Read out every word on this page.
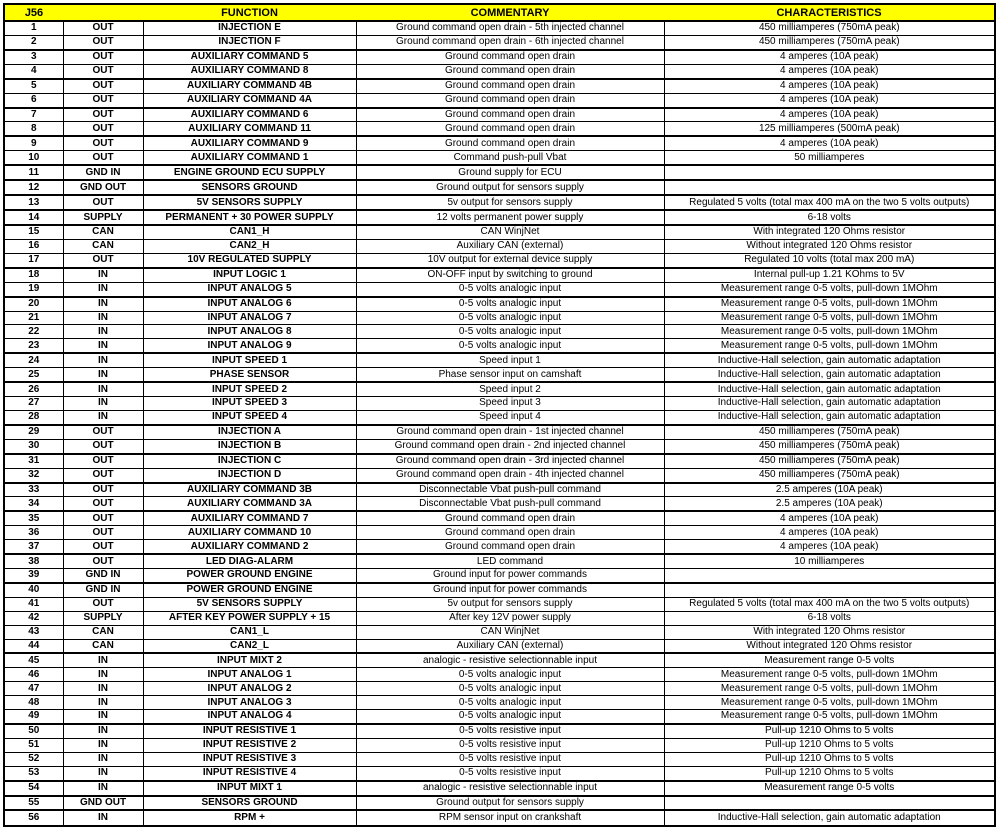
J56		FUNCTION	COMMENTARY	CHARACTERISTICS
1	OUT	INJECTION E	Ground command open drain - 5th injected channel	450 milliamperes (750mA peak)
2	OUT	INJECTION F	Ground command open drain - 6th injected channel	450 milliamperes (750mA peak)
3	OUT	AUXILIARY COMMAND 5	Ground command open drain	4 amperes (10A peak)
4	OUT	AUXILIARY COMMAND 8	Ground command open drain	4 amperes (10A peak)
5	OUT	AUXILIARY COMMAND 4B	Ground command open drain	4 amperes (10A peak)
6	OUT	AUXILIARY COMMAND 4A	Ground command open drain	4 amperes (10A peak)
7	OUT	AUXILIARY COMMAND 6	Ground command open drain	4 amperes (10A peak)
8	OUT	AUXILIARY COMMAND 11	Ground command open drain	125 milliamperes (500mA peak)
9	OUT	AUXILIARY COMMAND 9	Ground command open drain	4 amperes (10A peak)
10	OUT	AUXILIARY COMMAND 1	Command push-pull Vbat	50 milliamperes
11	GND IN	ENGINE GROUND ECU SUPPLY	Ground supply for ECU	
12	GND OUT	SENSORS GROUND	Ground output for sensors supply	
13	OUT	5V SENSORS SUPPLY	5v output for sensors supply	Regulated 5 volts (total max 400 mA on the two 5 volts outputs)
14	SUPPLY	PERMANENT + 30 POWER SUPPLY	12 volts permanent power supply	6-18 volts
15	CAN	CAN1_H	CAN WinjNet	With integrated 120 Ohms resistor
16	CAN	CAN2_H	Auxiliary CAN (external)	Without integrated 120 Ohms resistor
17	OUT	10V REGULATED SUPPLY	10V output for external device supply	Regulated 10 volts (total max 200 mA)
18	IN	INPUT LOGIC 1	ON-OFF input by switching to ground	Internal pull-up 1.21 KOhms to 5V
19	IN	INPUT ANALOG 5	0-5 volts analogic input	Measurement range 0-5 volts, pull-down 1MOhm
20	IN	INPUT ANALOG 6	0-5 volts analogic input	Measurement range 0-5 volts, pull-down 1MOhm
21	IN	INPUT ANALOG 7	0-5 volts analogic input	Measurement range 0-5 volts, pull-down 1MOhm
22	IN	INPUT ANALOG 8	0-5 volts analogic input	Measurement range 0-5 volts, pull-down 1MOhm
23	IN	INPUT ANALOG 9	0-5 volts analogic input	Measurement range 0-5 volts, pull-down 1MOhm
24	IN	INPUT SPEED 1	Speed input 1	Inductive-Hall selection, gain automatic adaptation
25	IN	PHASE SENSOR	Phase sensor input on camshaft	Inductive-Hall selection, gain automatic adaptation
26	IN	INPUT SPEED 2	Speed input 2	Inductive-Hall selection, gain automatic adaptation
27	IN	INPUT SPEED 3	Speed input 3	Inductive-Hall selection, gain automatic adaptation
28	IN	INPUT SPEED 4	Speed input 4	Inductive-Hall selection, gain automatic adaptation
29	OUT	INJECTION A	Ground command open drain - 1st injected channel	450 milliamperes (750mA peak)
30	OUT	INJECTION B	Ground command open drain - 2nd injected channel	450 milliamperes (750mA peak)
31	OUT	INJECTION C	Ground command open drain - 3rd injected channel	450 milliamperes (750mA peak)
32	OUT	INJECTION D	Ground command open drain - 4th injected channel	450 milliamperes (750mA peak)
33	OUT	AUXILIARY COMMAND 3B	Disconnectable Vbat push-pull command	2.5 amperes (10A peak)
34	OUT	AUXILIARY COMMAND 3A	Disconnectable Vbat push-pull command	2.5 amperes (10A peak)
35	OUT	AUXILIARY COMMAND 7	Ground command open drain	4 amperes (10A peak)
36	OUT	AUXILIARY COMMAND 10	Ground command open drain	4 amperes (10A peak)
37	OUT	AUXILIARY COMMAND 2	Ground command open drain	4 amperes (10A peak)
38	OUT	LED DIAG-ALARM	LED command	10 milliamperes
39	GND IN	POWER GROUND ENGINE	Ground input for power commands	
40	GND IN	POWER GROUND ENGINE	Ground input for power commands	
41	OUT	5V SENSORS SUPPLY	5v output for sensors supply	Regulated 5 volts (total max 400 mA on the two 5 volts outputs)
42	SUPPLY	AFTER KEY POWER SUPPLY + 15	After key 12V power supply	6-18 volts
43	CAN	CAN1_L	CAN WinjNet	With integrated 120 Ohms resistor
44	CAN	CAN2_L	Auxiliary CAN (external)	Without integrated 120 Ohms resistor
45	IN	INPUT MIXT 2	analogic - resistive selectionnable input	Measurement range 0-5 volts
46	IN	INPUT ANALOG 1	0-5 volts analogic input	Measurement range 0-5 volts, pull-down 1MOhm
47	IN	INPUT ANALOG 2	0-5 volts analogic input	Measurement range 0-5 volts, pull-down 1MOhm
48	IN	INPUT ANALOG 3	0-5 volts analogic input	Measurement range 0-5 volts, pull-down 1MOhm
49	IN	INPUT ANALOG 4	0-5 volts analogic input	Measurement range 0-5 volts, pull-down 1MOhm
50	IN	INPUT RESISTIVE 1	0-5 volts resistive input	Pull-up 1210 Ohms to 5 volts
51	IN	INPUT RESISTIVE 2	0-5 volts resistive input	Pull-up 1210 Ohms to 5 volts
52	IN	INPUT RESISTIVE 3	0-5 volts resistive input	Pull-up 1210 Ohms to 5 volts
53	IN	INPUT RESISTIVE 4	0-5 volts resistive input	Pull-up 1210 Ohms to 5 volts
54	IN	INPUT MIXT 1	analogic - resistive selectionnable input	Measurement range 0-5 volts
55	GND OUT	SENSORS GROUND	Ground output for sensors supply	
56	IN	RPM +	RPM sensor input on crankshaft	Inductive-Hall selection, gain automatic adaptation
